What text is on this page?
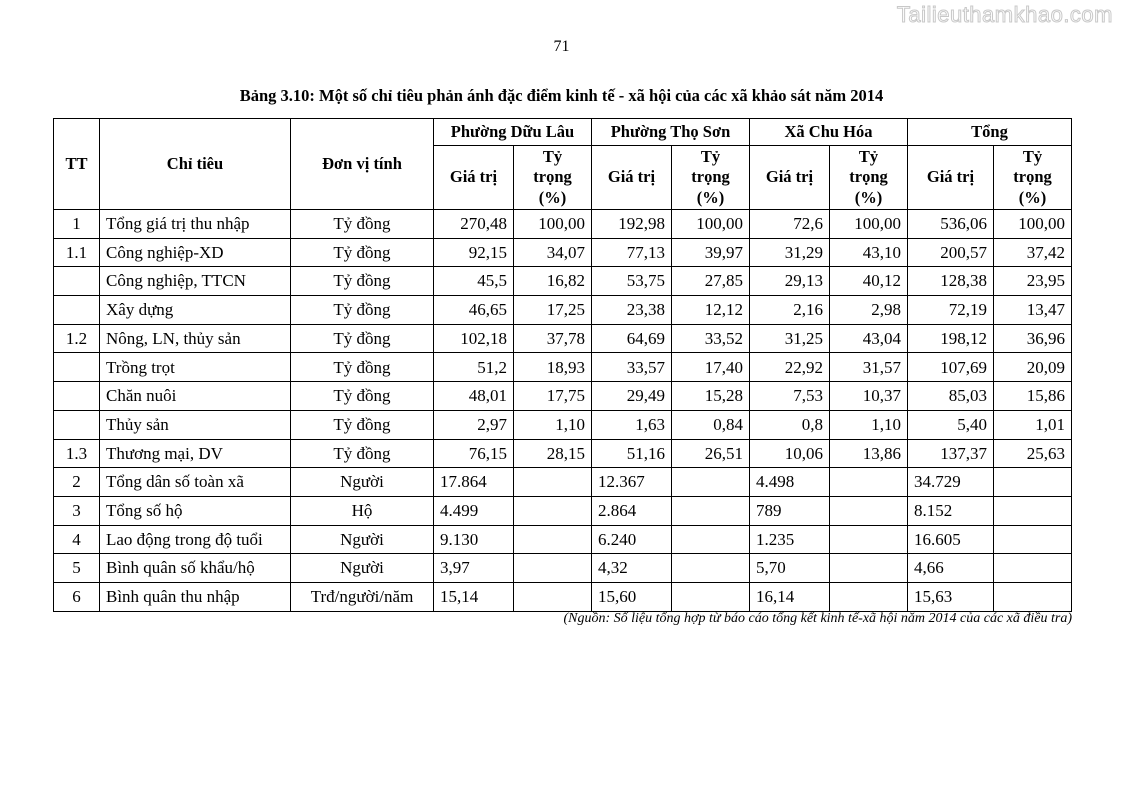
Tailieuthamkhao.com
71
Bảng 3.10: Một số chỉ tiêu phản ánh đặc điểm kinh tế - xã hội của các xã khảo sát năm 2014
TT	Chỉ tiêu	Đơn vị tính	Phường Dữu Lâu		Phường Thọ Sơn		Xã Chu Hóa		Tổng	
			Giá trị	Tỷ
trọng
(%)	Giá trị	Tỷ
trọng
(%)	Giá trị	Tỷ
trọng
(%)	Giá trị	Tỷ
trọng
(%)
1	Tổng giá trị thu nhập	Tỷ đồng	270,48	100,00	192,98	100,00	72,6	100,00	536,06	100,00
1.1	Công nghiệp-XD	Tỷ đồng	92,15	34,07	77,13	39,97	31,29	43,10	200,57	37,42
	Công nghiệp, TTCN	Tỷ đồng	45,5	16,82	53,75	27,85	29,13	40,12	128,38	23,95
	Xây dựng	Tỷ đồng	46,65	17,25	23,38	12,12	2,16	2,98	72,19	13,47
1.2	Nông, LN, thủy sản	Tỷ đồng	102,18	37,78	64,69	33,52	31,25	43,04	198,12	36,96
	Trồng trọt	Tỷ đồng	51,2	18,93	33,57	17,40	22,92	31,57	107,69	20,09
	Chăn nuôi	Tỷ đồng	48,01	17,75	29,49	15,28	7,53	10,37	85,03	15,86
	Thủy sản	Tỷ đồng	2,97	1,10	1,63	0,84	0,8	1,10	5,40	1,01
1.3	Thương mại, DV	Tỷ đồng	76,15	28,15	51,16	26,51	10,06	13,86	137,37	25,63
2	Tổng dân số toàn xã	Người	17.864		12.367		4.498		34.729	
3	Tổng số hộ	Hộ	4.499		2.864		789		8.152	
4	Lao động trong độ tuổi	Người	9.130		6.240		1.235		16.605	
5	Bình quân số khẩu/hộ	Người	3,97		4,32		5,70		4,66	
6	Bình quân thu nhập	Trđ/người/năm	15,14		15,60		16,14		15,63	
(Nguồn: Số liệu tổng hợp từ báo cáo tổng kết kinh tế-xã hội năm 2014 của các xã điều tra)
